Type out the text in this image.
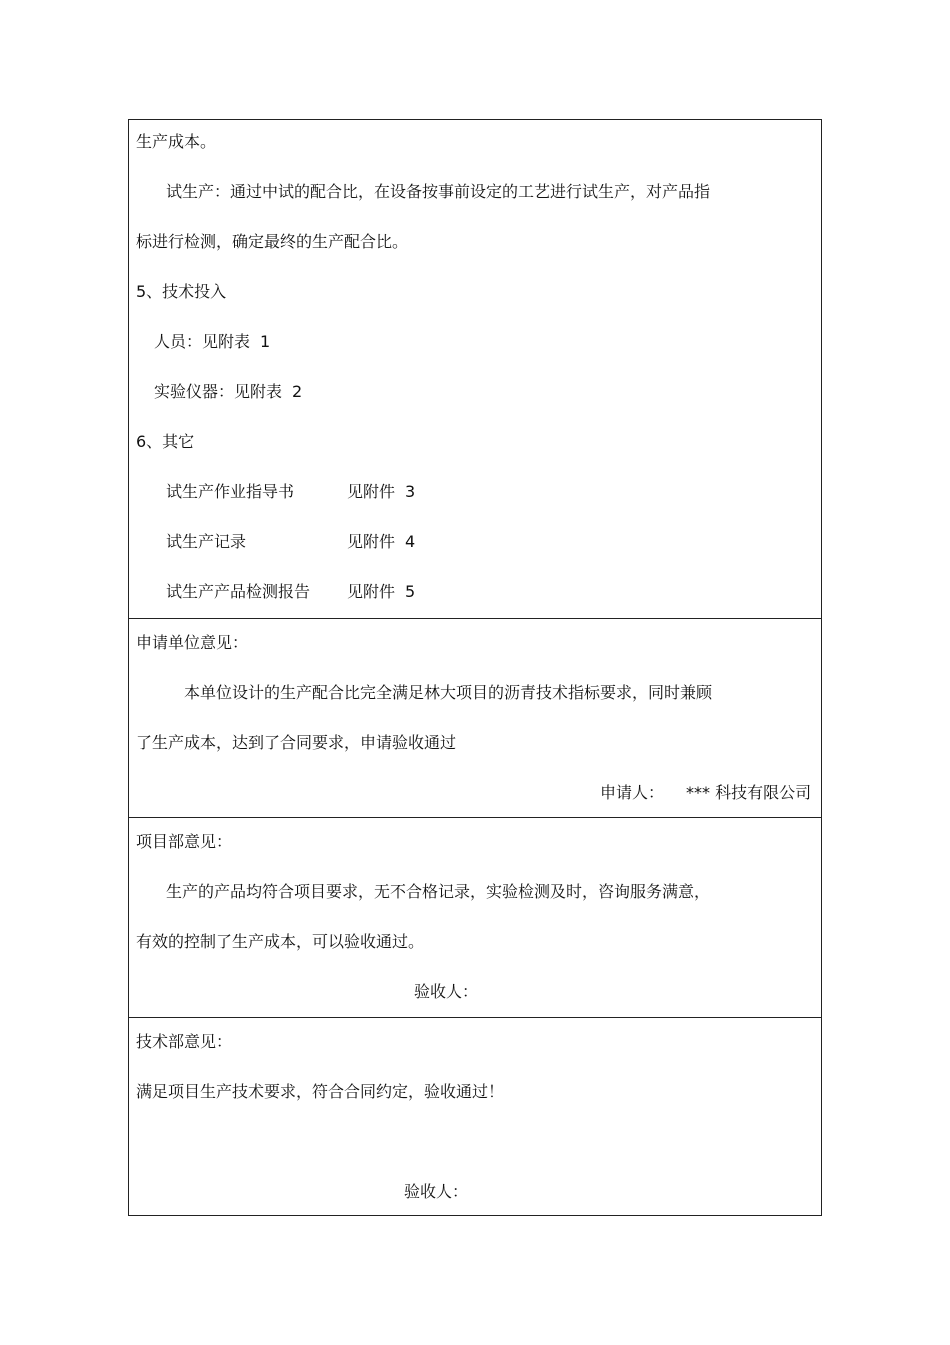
生产成本。
试生产：通过中试的配合比，在设备按事前设定的工艺进行试生产，对产品指
标进行检测，确定最终的生产配合比。
5、技术投入
人员：见附表 1
实验仪器：见附表 2
6、其它
试生产作业指导书	见附件 3
试生产记录	见附件 4
试生产产品检测报告 见附件 5
申请单位意见：
本单位设计的生产配合比完全满足林大项目的沥青技术指标要求，同时兼顾
了生产成本，达到了合同要求，申请验收通过
申请人： *** 科技有限公司
项目部意见：
生产的产品均符合项目要求，无不合格记录，实验检测及时，咨询服务满意，
有效的控制了生产成本，可以验收通过。
验收人：
技术部意见：
满足项目生产技术要求，符合合同约定，验收通过！
验收人：
